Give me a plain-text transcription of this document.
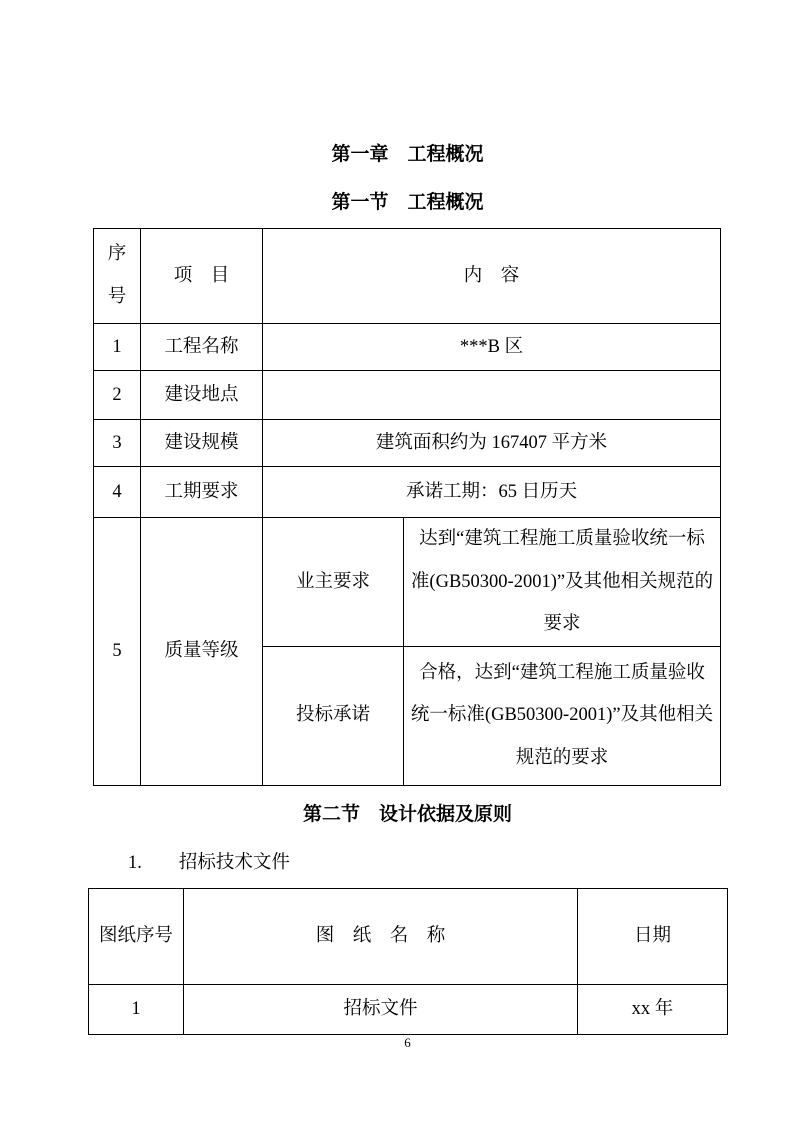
第一章　工程概况
第一节　工程概况
序号	项　目	内　容	
1	工程名称	***B 区	
2	建设地点		
3	建设规模	建筑面积约为 167407 平方米	
4	工期要求	承诺工期：65 日历天	
5	质量等级	业主要求	达到“建筑工程施工质量验收统一标准(GB50300-2001)”及其他相关规范的要求
		投标承诺	合格，达到“建筑工程施工质量验收统一标准(GB50300-2001)”及其他相关规范的要求
第二节　设计依据及原则
1.　　招标技术文件
图纸序号	图　纸　名　称	日期
1	招标文件	xx 年
6
